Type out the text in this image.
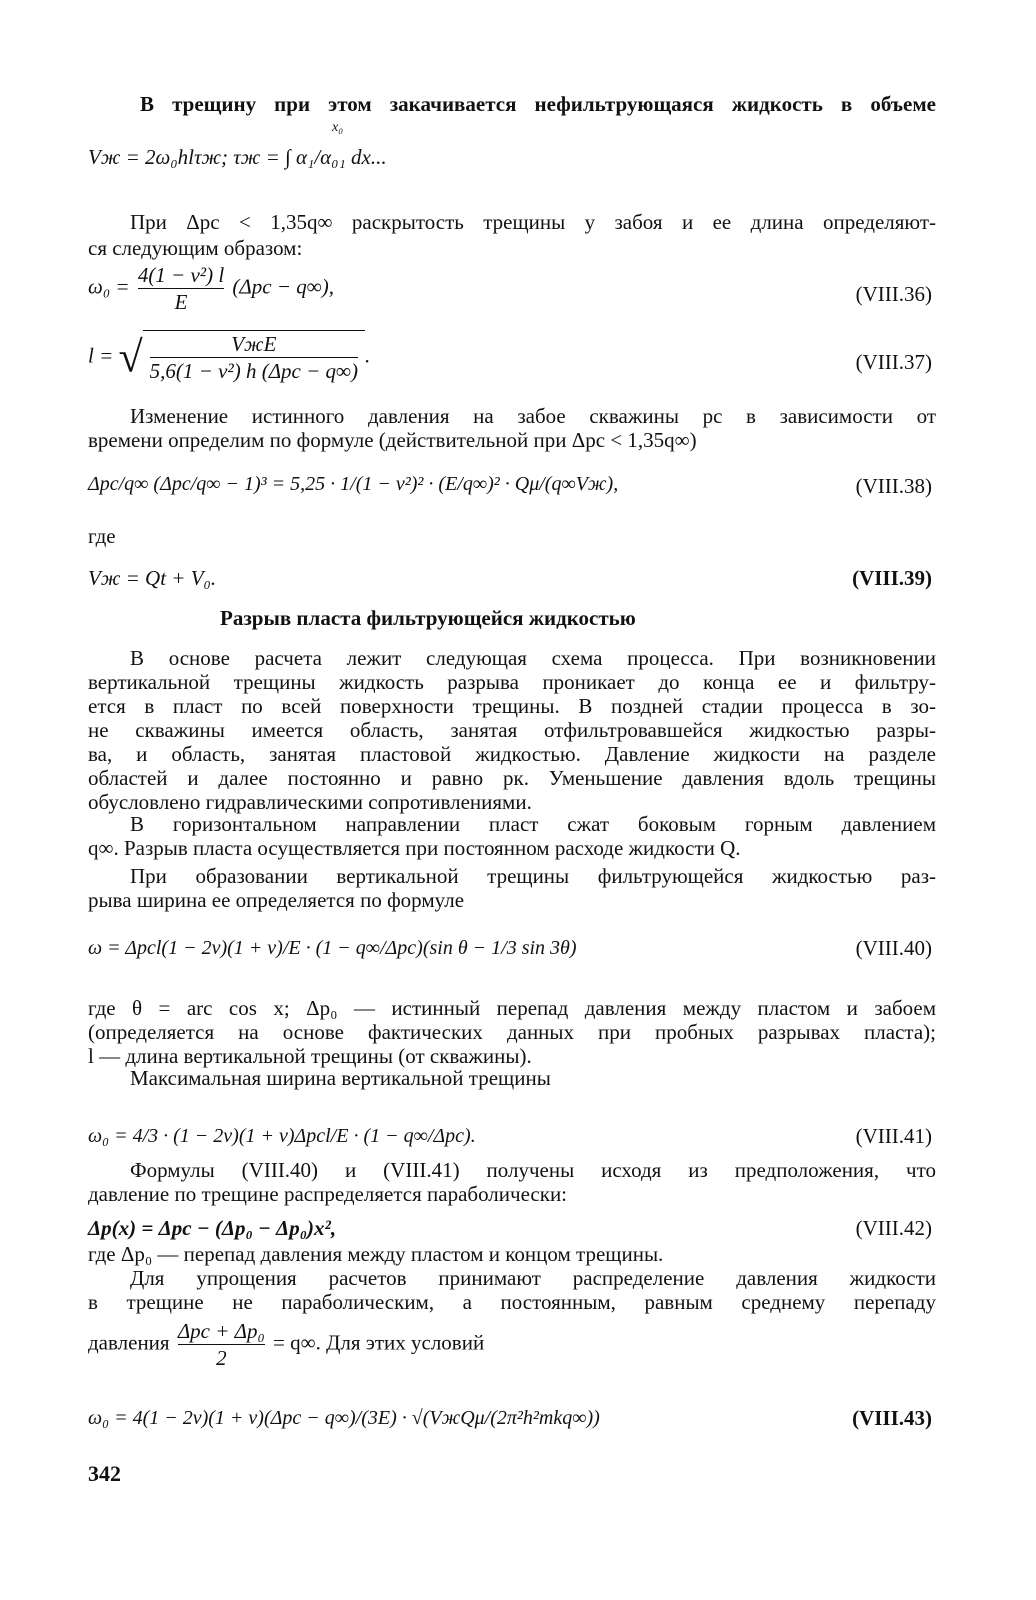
В трещину при этом закачивается нефильтрующаяся жидкость в объеме
x₀
Vж = 2ω₀hlτж; τж = ∫ α₁/α₀₁ dx...
При Δpc < 1,35q∞ раскрытость трещины у забоя и ее длина определяют-
ся следующим образом:
$\omega_0 = \frac{\text{4(1 − ν²) l}}{E} (\Delta pc - q\infty)$,	(VIII.36)
l = √ $\frac{\text{VжE}}{\text{5,6(1 − ν²) h (Δpc − q∞)}}$ .	(VIII.37)
Изменение истинного давления на забое скважины pc в зависимости от
времени определим по формуле (действительной при Δpc < 1,35q∞)
Δpc/q∞ (Δpc/q∞ − 1)³ = 5,25 · 1/(1 − ν²)² · (E/q∞)² · Qμ/(q∞Vж),	(VIII.38)
где
Vж = Qt + V₀.	(VIII.39)
Разрыв пласта фильтрующейся жидкостью
В основе расчета лежит следующая схема процесса. При возникновении
вертикальной трещины жидкость разрыва проникает до конца ее и фильтру-
ется в пласт по всей поверхности трещины. В поздней стадии процесса в зо-
не скважины имеется область, занятая отфильтровавшейся жидкостью разры-
ва, и область, занятая пластовой жидкостью. Давление жидкости на разделе
областей и далее постоянно и равно pк. Уменьшение давления вдоль трещины
обусловлено гидравлическими сопротивлениями.
В горизонтальном направлении пласт сжат боковым горным давлением
q∞. Разрыв пласта осуществляется при постоянном расходе жидкости Q.
При образовании вертикальной трещины фильтрующейся жидкостью раз-
рыва ширина ее определяется по формуле
ω = Δpcl(1 − 2ν)(1 + ν)/E · (1 − q∞/Δpc)(sin θ − 1/3 sin 3θ)	(VIII.40)
где θ = arc cos x; Δp₀ — истинный перепад давления между пластом и забоем
(определяется на основе фактических данных при пробных разрывах пласта);
l — длина вертикальной трещины (от скважины).
Максимальная ширина вертикальной трещины
ω₀ = 4/3 · (1 − 2ν)(1 + ν)Δpcl/E · (1 − q∞/Δpc).	(VIII.41)
Формулы (VIII.40) и (VIII.41) получены исходя из предположения, что
давление по трещине распределяется параболически:
Δp(x) = Δpc − (Δp₀ − Δp₀)x²,	(VIII.42)
где Δp₀ — перепад давления между пластом и концом трещины.
Для упрощения расчетов принимают распределение давления жидкости
в трещине не параболическим, а постоянным, равным среднему перепаду
давления $\frac{\text{Δpc + Δp₀}}{2} = q\infty$. Для этих условий
ω₀ = 4(1 − 2ν)(1 + ν)(Δpc − q∞)/(3E) · √(VжQμ/(2π²h²mkq∞))	(VIII.43)
342
